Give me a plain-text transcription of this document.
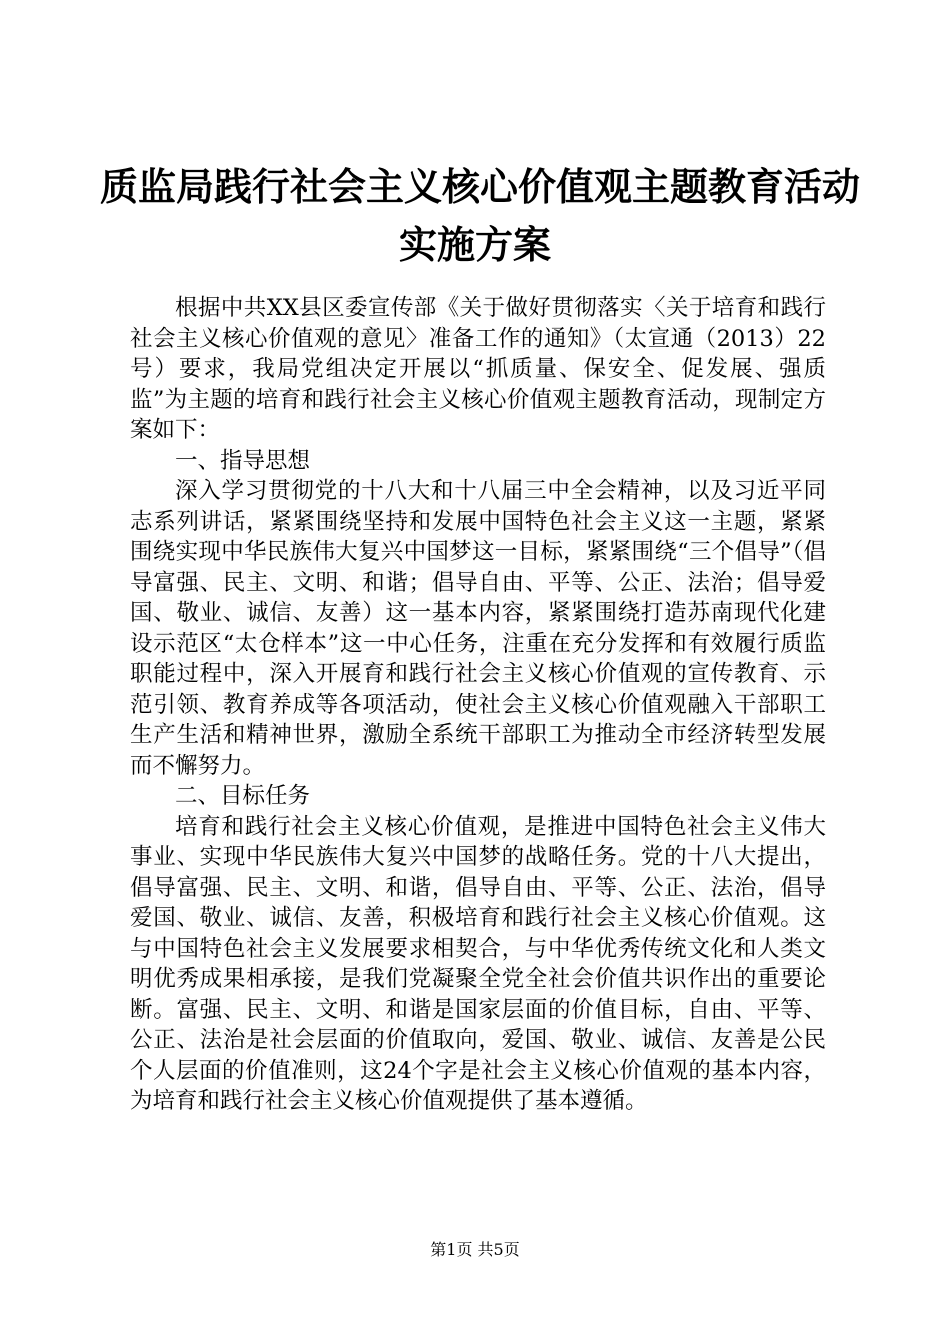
质监局践行社会主义核心价值观主题教育活动
实施方案

根据中共XX县区委宣传部《关于做好贯彻落实〈关于培育和践行社会主义核心价值观的意见〉准备工作的通知》（太宣通（2013）22号）要求，我局党组决定开展以“抓质量、保安全、促发展、强质监”为主题的培育和践行社会主义核心价值观主题教育活动，现制定方案如下：

一、指导思想

深入学习贯彻党的十八大和十八届三中全会精神，以及习近平同志系列讲话，紧紧围绕坚持和发展中国特色社会主义这一主题，紧紧围绕实现中华民族伟大复兴中国梦这一目标，紧紧围绕“三个倡导”（倡导富强、民主、文明、和谐；倡导自由、平等、公正、法治；倡导爱国、敬业、诚信、友善）这一基本内容，紧紧围绕打造苏南现代化建设示范区“太仓样本”这一中心任务，注重在充分发挥和有效履行质监职能过程中，深入开展育和践行社会主义核心价值观的宣传教育、示范引领、教育养成等各项活动，使社会主义核心价值观融入干部职工生产生活和精神世界，激励全系统干部职工为推动全市经济转型发展而不懈努力。

二、目标任务

培育和践行社会主义核心价值观，是推进中国特色社会主义伟大事业、实现中华民族伟大复兴中国梦的战略任务。党的十八大提出，倡导富强、民主、文明、和谐，倡导自由、平等、公正、法治，倡导爱国、敬业、诚信、友善，积极培育和践行社会主义核心价值观。这与中国特色社会主义发展要求相契合，与中华优秀传统文化和人类文明优秀成果相承接，是我们党凝聚全党全社会价值共识作出的重要论断。富强、民主、文明、和谐是国家层面的价值目标，自由、平等、公正、法治是社会层面的价值取向，爱国、敬业、诚信、友善是公民个人层面的价值准则，这24个字是社会主义核心价值观的基本内容，为培育和践行社会主义核心价值观提供了基本遵循。

第1页 共5页
